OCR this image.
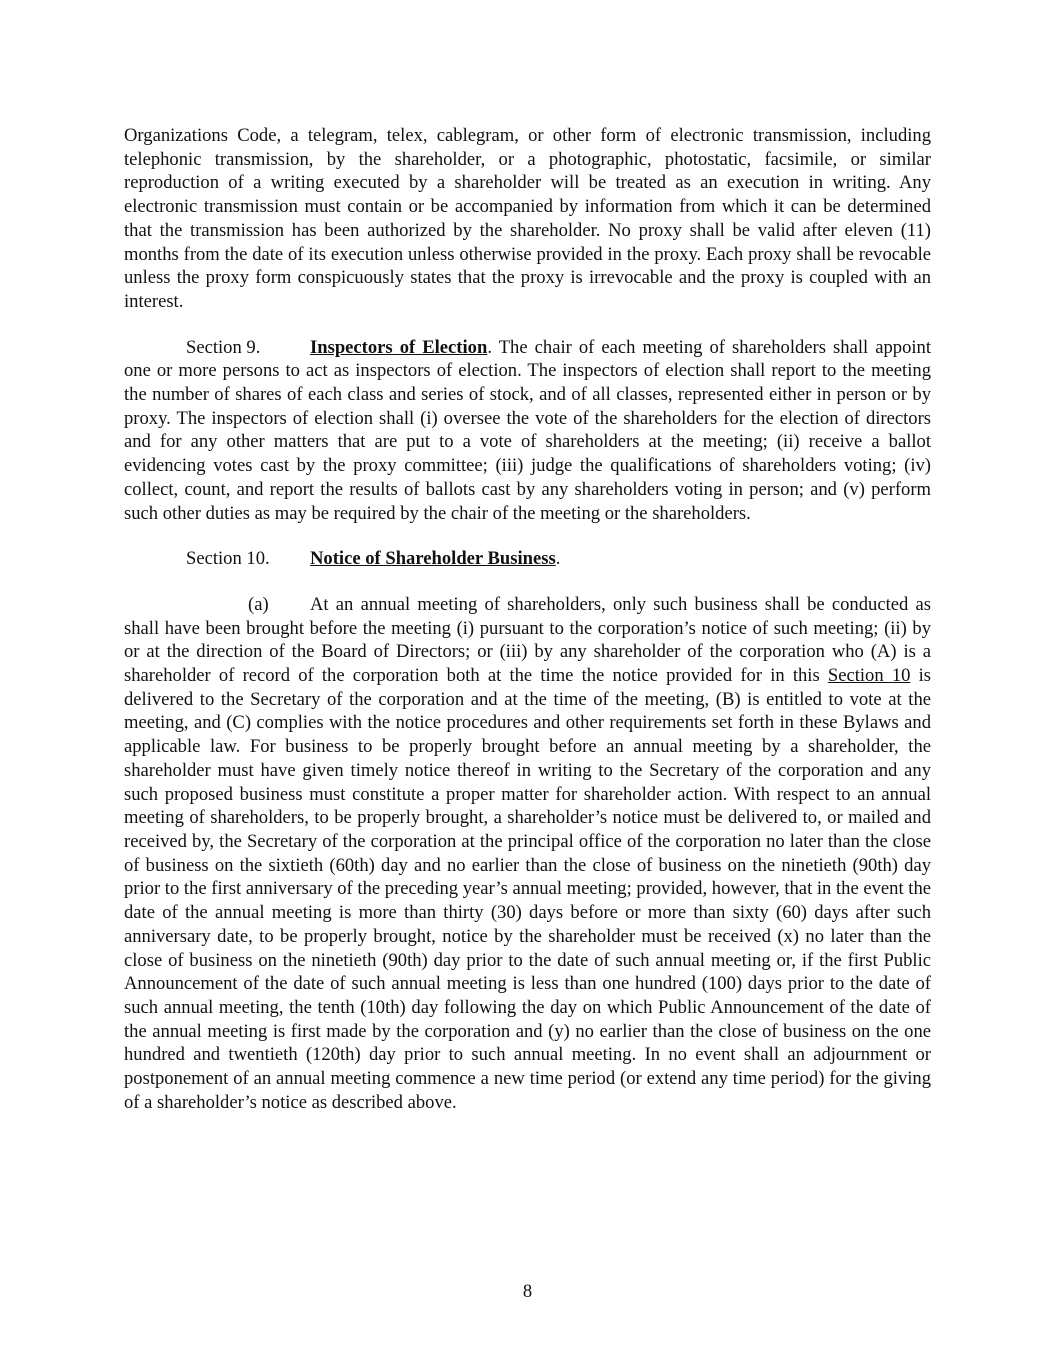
Organizations Code, a telegram, telex, cablegram, or other form of electronic transmission, including telephonic transmission, by the shareholder, or a photographic, photostatic, facsimile, or similar reproduction of a writing executed by a shareholder will be treated as an execution in writing. Any electronic transmission must contain or be accompanied by information from which it can be determined that the transmission has been authorized by the shareholder. No proxy shall be valid after eleven (11) months from the date of its execution unless otherwise provided in the proxy. Each proxy shall be revocable unless the proxy form conspicuously states that the proxy is irrevocable and the proxy is coupled with an interest.

Section 9.	Inspectors of Election. The chair of each meeting of shareholders shall appoint one or more persons to act as inspectors of election. The inspectors of election shall report to the meeting the number of shares of each class and series of stock, and of all classes, represented either in person or by proxy. The inspectors of election shall (i) oversee the vote of the shareholders for the election of directors and for any other matters that are put to a vote of shareholders at the meeting; (ii) receive a ballot evidencing votes cast by the proxy committee; (iii) judge the qualifications of shareholders voting; (iv) collect, count, and report the results of ballots cast by any shareholders voting in person; and (v) perform such other duties as may be required by the chair of the meeting or the shareholders.

Section 10. Notice of Shareholder Business.

(a) At an annual meeting of shareholders, only such business shall be conducted as shall have been brought before the meeting (i) pursuant to the corporation’s notice of such meeting; (ii) by or at the direction of the Board of Directors; or (iii) by any shareholder of the corporation who (A) is a shareholder of record of the corporation both at the time the notice provided for in this Section 10 is delivered to the Secretary of the corporation and at the time of the meeting, (B) is entitled to vote at the meeting, and (C) complies with the notice procedures and other requirements set forth in these Bylaws and applicable law. For business to be properly brought before an annual meeting by a shareholder, the shareholder must have given timely notice thereof in writing to the Secretary of the corporation and any such proposed business must constitute a proper matter for shareholder action. With respect to an annual meeting of shareholders, to be properly brought, a shareholder’s notice must be delivered to, or mailed and received by, the Secretary of the corporation at the principal office of the corporation no later than the close of business on the sixtieth (60th) day and no earlier than the close of business on the ninetieth (90th) day prior to the first anniversary of the preceding year’s annual meeting; provided, however, that in the event the date of the annual meeting is more than thirty (30) days before or more than sixty (60) days after such anniversary date, to be properly brought, notice by the shareholder must be received (x) no later than the close of business on the ninetieth (90th) day prior to the date of such annual meeting or, if the first Public Announcement of the date of such annual meeting is less than one hundred (100) days prior to the date of such annual meeting, the tenth (10th) day following the day on which Public Announcement of the date of the annual meeting is first made by the corporation and (y) no earlier than the close of business on the one hundred and twentieth (120th) day prior to such annual meeting. In no event shall an adjournment or postponement of an annual meeting commence a new time period (or extend any time period) for the giving of a shareholder’s notice as described above.

8
